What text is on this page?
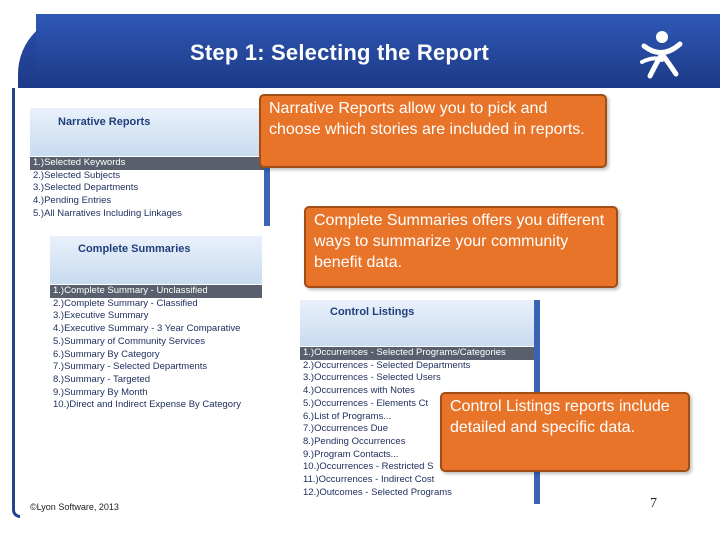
Step 1: Selecting the Report
Narrative Reports
1.)Selected Keywords
2.)Selected Subjects
3.)Selected Departments
4.)Pending Entries
5.)All Narratives Including Linkages
Complete Summaries
1.)Complete Summary - Unclassified
2.)Complete Summary - Classified
3.)Executive Summary
4.)Executive Summary - 3 Year Comparative
5.)Summary of Community Services
6.)Summary By Category
7.)Summary - Selected Departments
8.)Summary - Targeted
9.)Summary By Month
10.)Direct and Indirect Expense By Category
Control Listings
1.)Occurrences - Selected Programs/Categories
2.)Occurrences - Selected Departments
3.)Occurrences - Selected Users
4.)Occurrences with Notes
5.)Occurrences - Elements Ct
6.)List of Programs...
7.)Occurrences Due
8.)Pending Occurrences
9.)Program Contacts...
10.)Occurrences - Restricted S
11.)Occurrences - Indirect Cost
12.)Outcomes - Selected Programs
Narrative Reports allow you to pick and choose which stories are included in reports.
Complete Summaries offers you different ways to summarize your community benefit data.
Control Listings reports include detailed and specific data.
©Lyon Software, 2013	7
